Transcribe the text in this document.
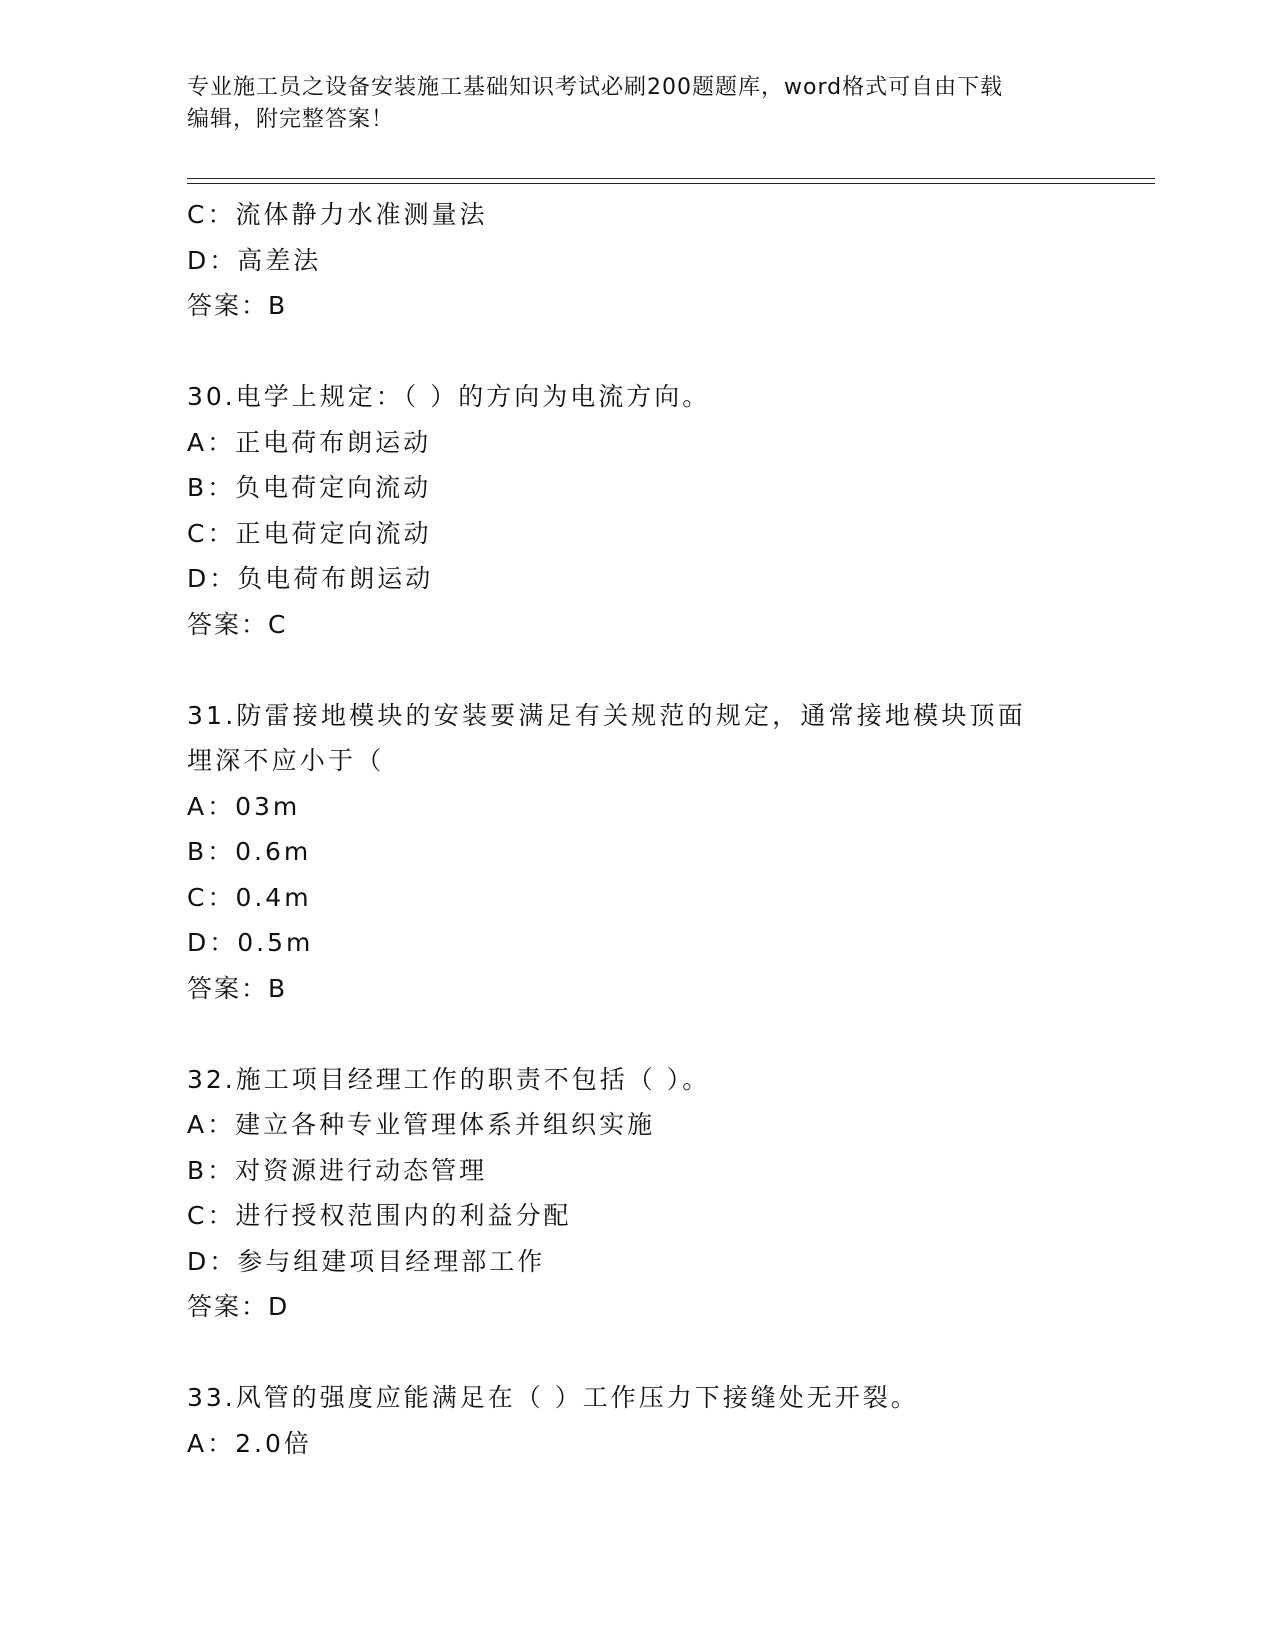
专业施工员之设备安装施工基础知识考试必刷200题题库，word格式可自由下载
编辑，附完整答案！
C：流体静力水准测量法
D：高差法
答案：B
30.电学上规定：（ ）的方向为电流方向。
A：正电荷布朗运动
B：负电荷定向流动
C：正电荷定向流动
D：负电荷布朗运动
答案：C
31.防雷接地模块的安装要满足有关规范的规定，通常接地模块顶面埋深不应小于（
A：03m
B：0.6m
C：0.4m
D：0.5m
答案：B
32.施工项目经理工作的职责不包括（ ）。
A：建立各种专业管理体系并组织实施
B：对资源进行动态管理
C：进行授权范围内的利益分配
D：参与组建项目经理部工作
答案：D
33.风管的强度应能满足在（ ）工作压力下接缝处无开裂。
A：2.0倍
